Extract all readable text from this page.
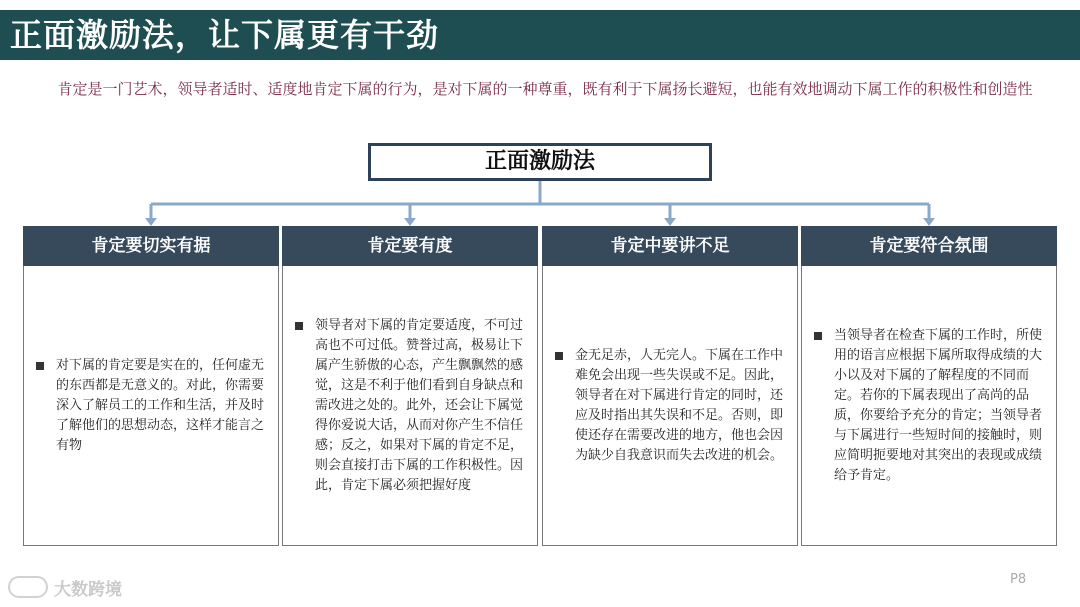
正面激励法，让下属更有干劲
肯定是一门艺术，领导者适时、适度地肯定下属的行为，是对下属的一种尊重，既有利于下属扬长避短，也能有效地调动下属工作的积极性和创造性
正面激励法
肯定要切实有据
对下属的肯定要是实在的，任何虚无的东西都是无意义的。对此，你需要深入了解员工的工作和生活，并及时了解他们的思想动态，这样才能言之有物
肯定要有度
领导者对下属的肯定要适度，不可过高也不可过低。赞誉过高，极易让下属产生骄傲的心态，产生飘飘然的感觉，这是不利于他们看到自身缺点和需改进之处的。此外，还会让下属觉得你爱说大话，从而对你产生不信任感；反之，如果对下属的肯定不足，则会直接打击下属的工作积极性。因此，肯定下属必须把握好度
肯定中要讲不足
金无足赤，人无完人。下属在工作中难免会出现一些失误或不足。因此，领导者在对下属进行肯定的同时，还应及时指出其失误和不足。否则，即使还存在需要改进的地方，他也会因为缺少自我意识而失去改进的机会。
肯定要符合氛围
当领导者在检查下属的工作时，所使用的语言应根据下属所取得成绩的大小以及对下属的了解程度的不同而定。若你的下属表现出了高尚的品质，你要给予充分的肯定；当领导者与下属进行一些短时间的接触时，则应简明扼要地对其突出的表现或成绩给予肯定。
大数跨境	P8
